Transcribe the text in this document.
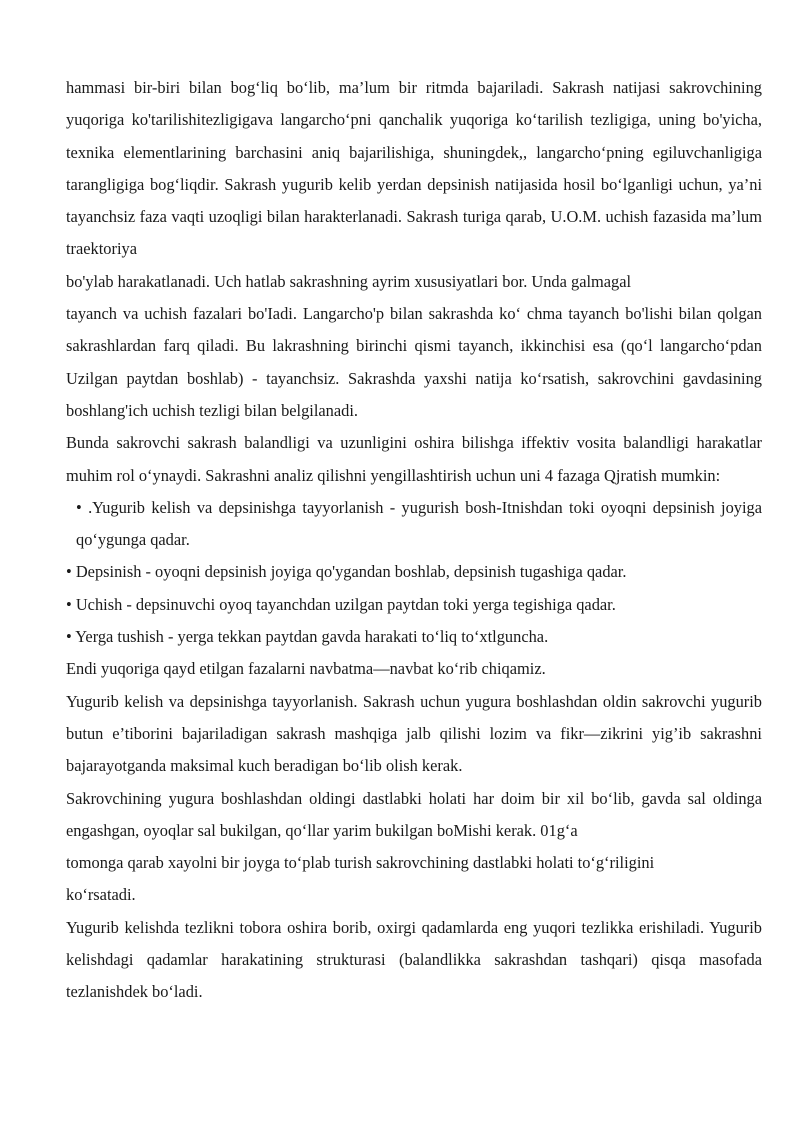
hammasi bir-biri bilan bog‘liq bo‘lib, ma’lum bir ritmda bajariladi. Sakrash natijasi sakrovchining yuqoriga ko'tarilishitezligigava langarcho‘pni qanchalik yuqoriga ko‘tarilish tezligiga, uning bo'yicha, texnika elementlarining barchasini aniq bajarilishiga, shuningdek,, langarcho‘pning egiluvchanligiga tarangligiga bog‘liqdir. Sakrash yugurib kelib yerdan depsinish natijasida hosil bo‘lganligi uchun, ya’ni tayanchsiz faza vaqti uzoqligi bilan harakterlanadi. Sakrash turiga qarab, U.O.M. uchish fazasida ma’lum traektoriya

bo'ylab harakatlanadi. Uch hatlab sakrashning ayrim xususiyatlari bor. Unda galmagal

tayanch va uchish fazalari bo'Iadi. Langarcho'p bilan sakrashda ko‘ chma tayanch bo'lishi bilan qolgan sakrashlardan farq qiladi. Bu lakrashning birinchi qismi tayanch, ikkinchisi esa (qo‘l langarcho‘pdan Uzilgan paytdan boshlab) - tayanchsiz. Sakrashda yaxshi natija ko‘rsatish, sakrovchini gavdasining boshlang'ich uchish tezligi bilan belgilanadi.

Bunda sakrovchi sakrash balandligi va uzunligini oshira bilishga iffektiv vosita balandligi harakatlar muhim rol o‘ynaydi. Sakrashni analiz qilishni yengillashtirish uchun uni 4 fazaga Qjratish mumkin:

• .Yugurib kelish va depsinishga tayyorlanish - yugurish bosh-Itnishdan toki oyoqni depsinish joyiga qo‘ygunga qadar.

• Depsinish - oyoqni depsinish joyiga qo'ygandan boshlab, depsinish tugashiga qadar.

• Uchish - depsinuvchi oyoq tayanchdan uzilgan paytdan toki yerga tegishiga qadar.

• Yerga tushish - yerga tekkan paytdan gavda harakati to‘liq to‘xtlguncha.

Endi yuqoriga qayd etilgan fazalarni navbatma—navbat ko‘rib chiqamiz.

Yugurib kelish va depsinishga tayyorlanish. Sakrash uchun yugura boshlashdan oldin sakrovchi yugurib butun e’tiborini bajariladigan sakrash mashqiga jalb qilishi lozim va fikr—zikrini yig’ib sakrashni bajarayotganda maksimal kuch beradigan bo‘lib olish kerak.

Sakrovchining yugura boshlashdan oldingi dastlabki holati har doim bir xil bo‘lib, gavda sal oldinga engashgan, oyoqlar sal bukilgan, qo‘llar yarim bukilgan boMishi kerak. 01g‘a

tomonga qarab xayolni bir joyga to‘plab turish sakrovchining dastlabki holati to‘g‘riligini

ko‘rsatadi.

Yugurib kelishda tezlikni tobora oshira borib, oxirgi qadamlarda eng yuqori tezlikka erishiladi. Yugurib kelishdagi qadamlar harakatining strukturasi (balandlikka sakrashdan tashqari) qisqa masofada tezlanishdek bo‘ladi.
